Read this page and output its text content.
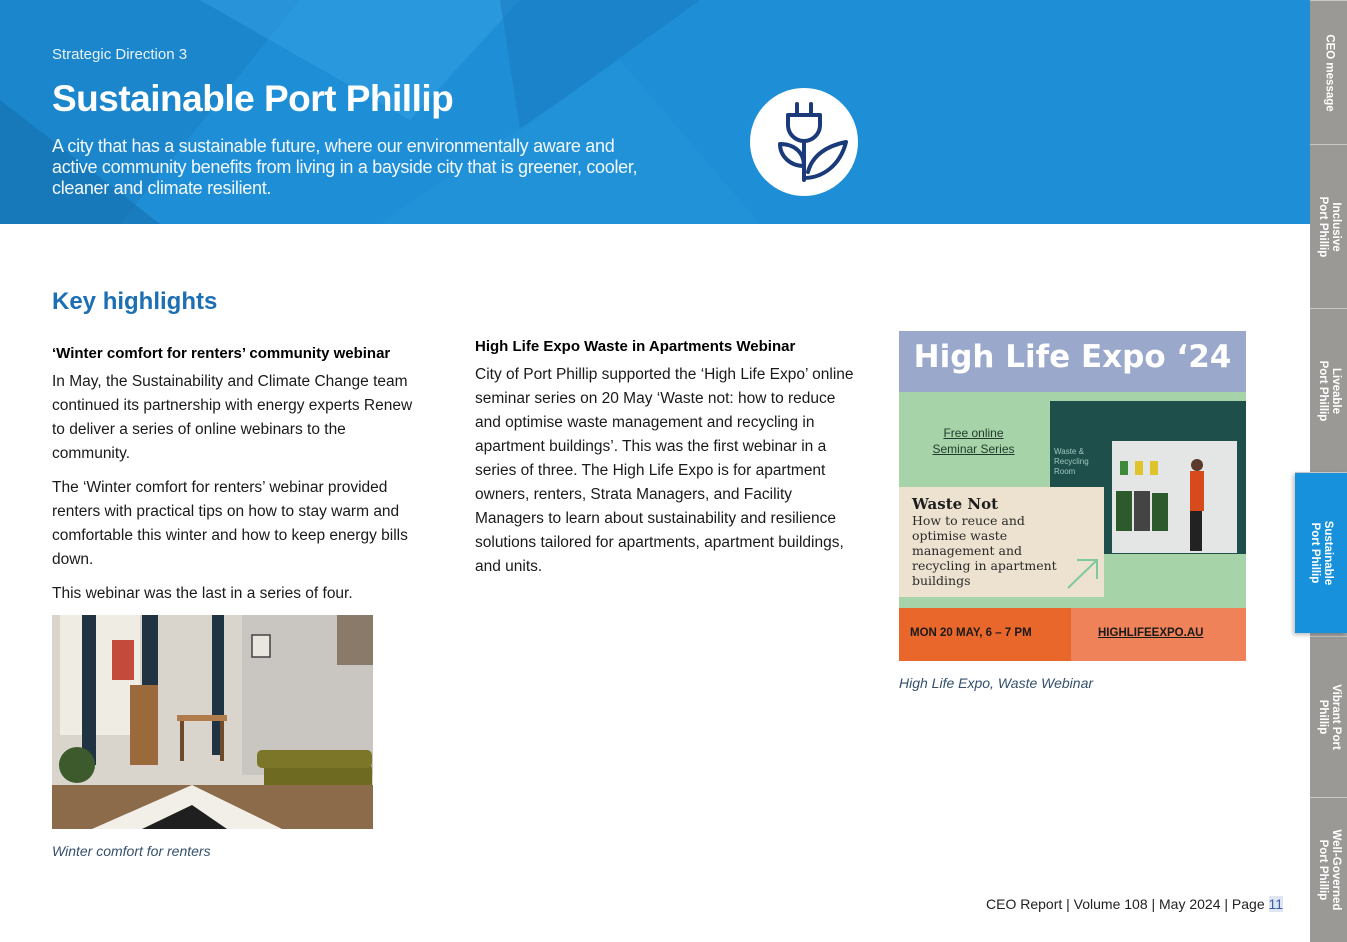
Strategic Direction 3
Sustainable Port Phillip
A city that has a sustainable future, where our environmentally aware and active community benefits from living in a bayside city that is greener, cooler, cleaner and climate resilient.
Key highlights
‘Winter comfort for renters’ community webinar

In May, the Sustainability and Climate Change team continued its partnership with energy experts Renew to deliver a series of online webinars to the community.

The ‘Winter comfort for renters’ webinar provided renters with practical tips on how to stay warm and comfortable this winter and how to keep energy bills down.

This webinar was the last in a series of four.

Winter comfort for renters
High Life Expo Waste in Apartments Webinar

City of Port Phillip supported the ‘High Life Expo’ online seminar series on 20 May ‘Waste not: how to reduce and optimise waste management and recycling in apartment buildings’. This was the first webinar in a series of three. The High Life Expo is for apartment owners, renters, Strata Managers, and Facility Managers to learn about sustainability and resilience solutions tailored for apartments, apartment buildings, and units.

High Life Expo ‘24
Free online Seminar Series	Waste & Recycling Room
Waste Not
How to reuce and optimise waste management and recycling in apartment buildings
MON 20 MAY, 6 – 7 PM	HIGHLIFEEXPO.AU
High Life Expo, Waste Webinar
CEO Report | Volume 108 | May 2024 | Page 11
CEO message
Inclusive Port Phillip
Liveable Port Phillip
Vibrant Port Phillip
Well-Governed Port Phillip
Sustainable Port Phillip
